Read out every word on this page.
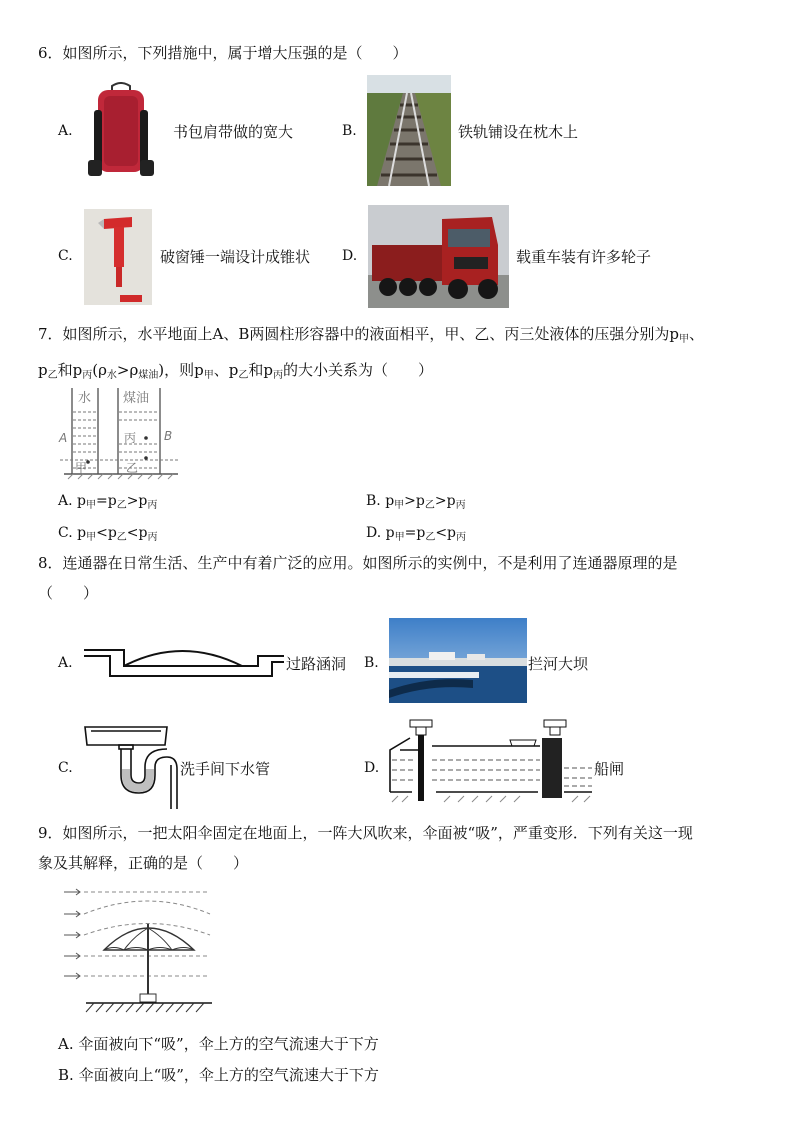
6．如图所示，下列措施中，属于增大压强的是（　　）
A.	书包肩带做的宽大	B.	铁轨铺设在枕木上
C.	破窗锤一端设计成锥状 D.	载重车装有许多轮子
7．如图所示，水平地面上A、B两圆柱形容器中的液面相平，甲、乙、丙三处液体的压强分别为$p_甲$、
$p_乙$和$p_丙(\rho_水>\rho_{煤油})$，则$p_甲$、$p_乙$和$p_丙$的大小关系为（　　）
水 煤油
A	B
丙
甲	乙
A. $p_甲=p_乙>p_丙$	B. $p_甲>p_乙>p_丙$
C. $p_甲<p_乙<p_丙$	D. $p_甲=p_乙<p_丙$
8．连通器在日常生活、生产中有着广泛的应用。如图所示的实例中，不是利用了连通器原理的是
（　　）
A.	过路涵洞 B.	拦河大坝
C.	洗手间下水管	D.	船闸
9．如图所示，一把太阳伞固定在地面上，一阵大风吹来，伞面被“吸”，严重变形．下列有关这一现
象及其解释，正确的是（　　）
A. 伞面被向下“吸”，伞上方的空气流速大于下方
B. 伞面被向上“吸”，伞上方的空气流速大于下方
